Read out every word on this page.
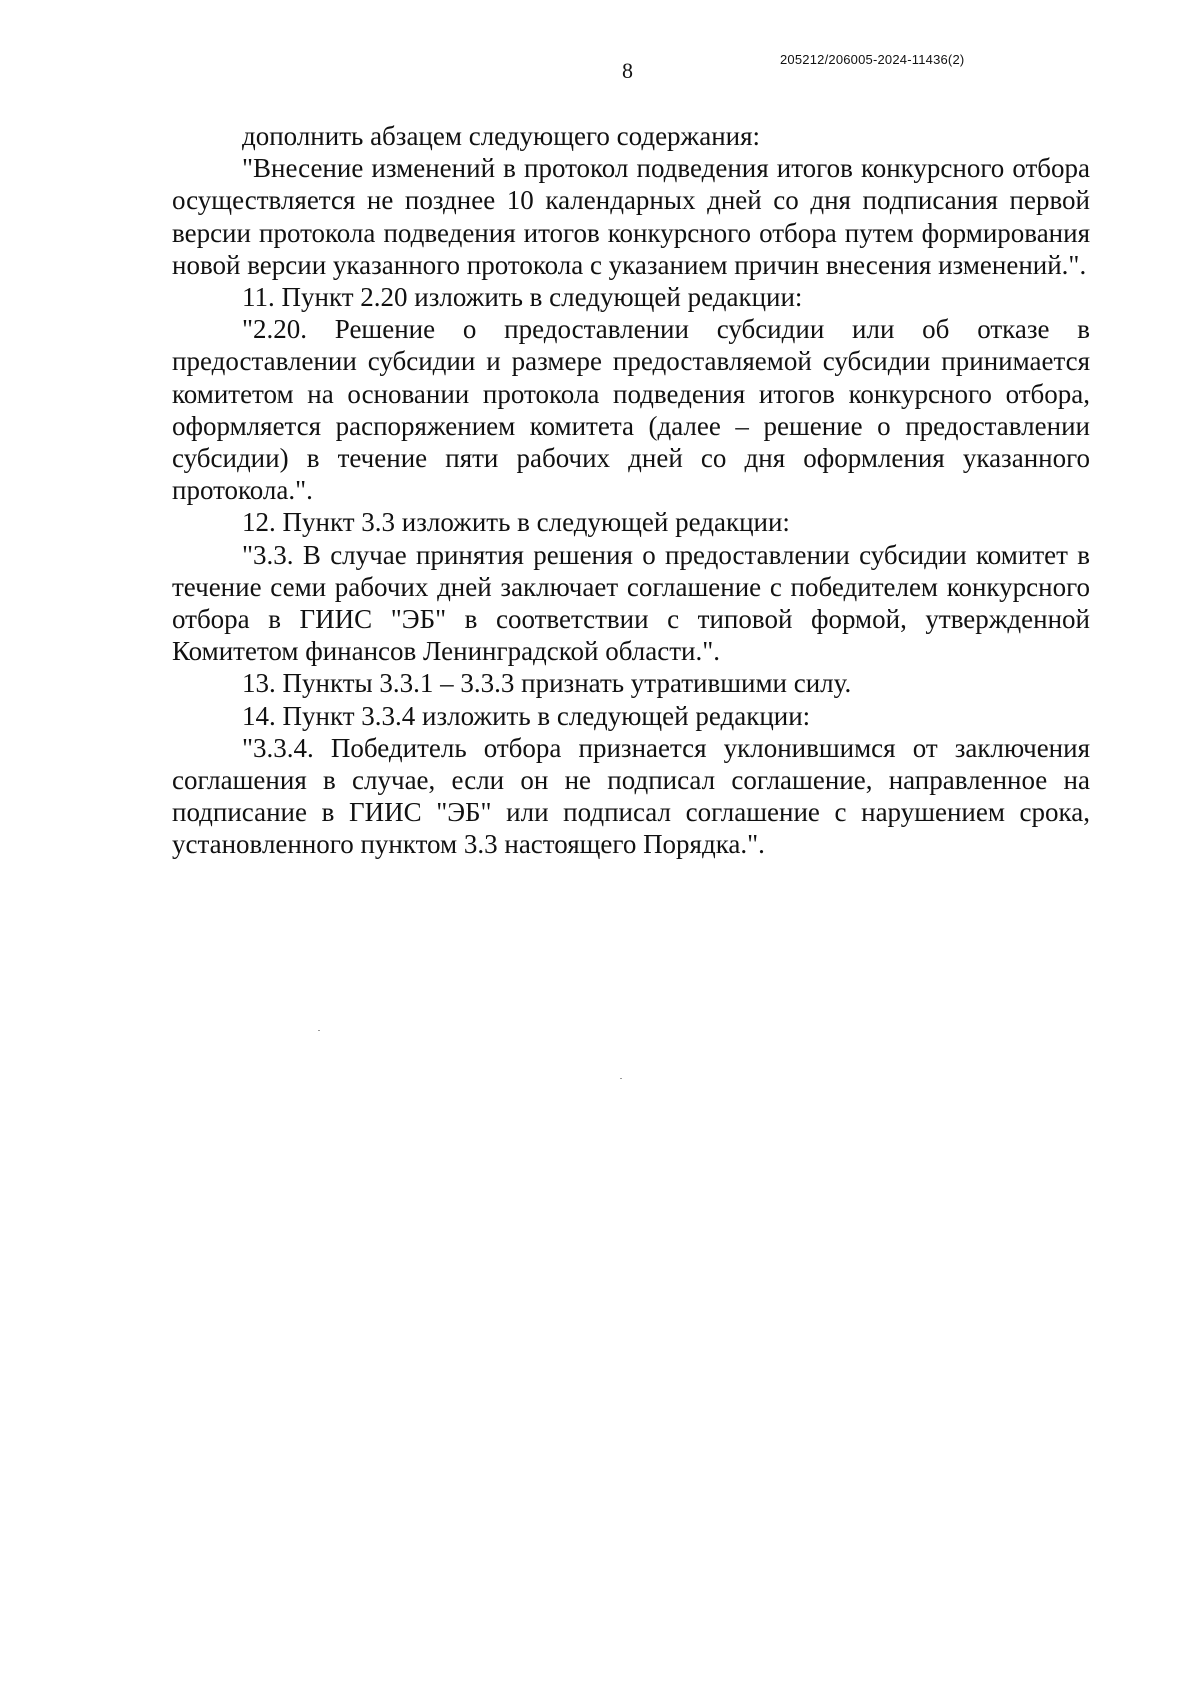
8	205212/206005-2024-11436(2)

дополнить абзацем следующего содержания:

"Внесение изменений в протокол подведения итогов конкурсного отбора осуществляется не позднее 10 календарных дней со дня подписания первой версии протокола подведения итогов конкурсного отбора путем формирования новой версии указанного протокола с указанием причин внесения изменений.".

11. Пункт 2.20 изложить в следующей редакции:

"2.20. Решение о предоставлении субсидии или об отказе в предоставлении субсидии и размере предоставляемой субсидии принимается комитетом на основании протокола подведения итогов конкурсного отбора, оформляется распоряжением комитета (далее – решение о предоставлении субсидии) в течение пяти рабочих дней со дня оформления указанного протокола.".

12. Пункт 3.3 изложить в следующей редакции:

"3.3. В случае принятия решения о предоставлении субсидии комитет в течение семи рабочих дней заключает соглашение с победителем конкурсного отбора в ГИИС "ЭБ" в соответствии с типовой формой, утвержденной Комитетом финансов Ленинградской области.".

13. Пункты 3.3.1 – 3.3.3 признать утратившими силу.

14. Пункт 3.3.4 изложить в следующей редакции:

"3.3.4. Победитель отбора признается уклонившимся от заключения соглашения в случае, если он не подписал соглашение, направленное на подписание в ГИИС "ЭБ" или подписал соглашение с нарушением срока, установленного пунктом 3.3 настоящего Порядка.".
